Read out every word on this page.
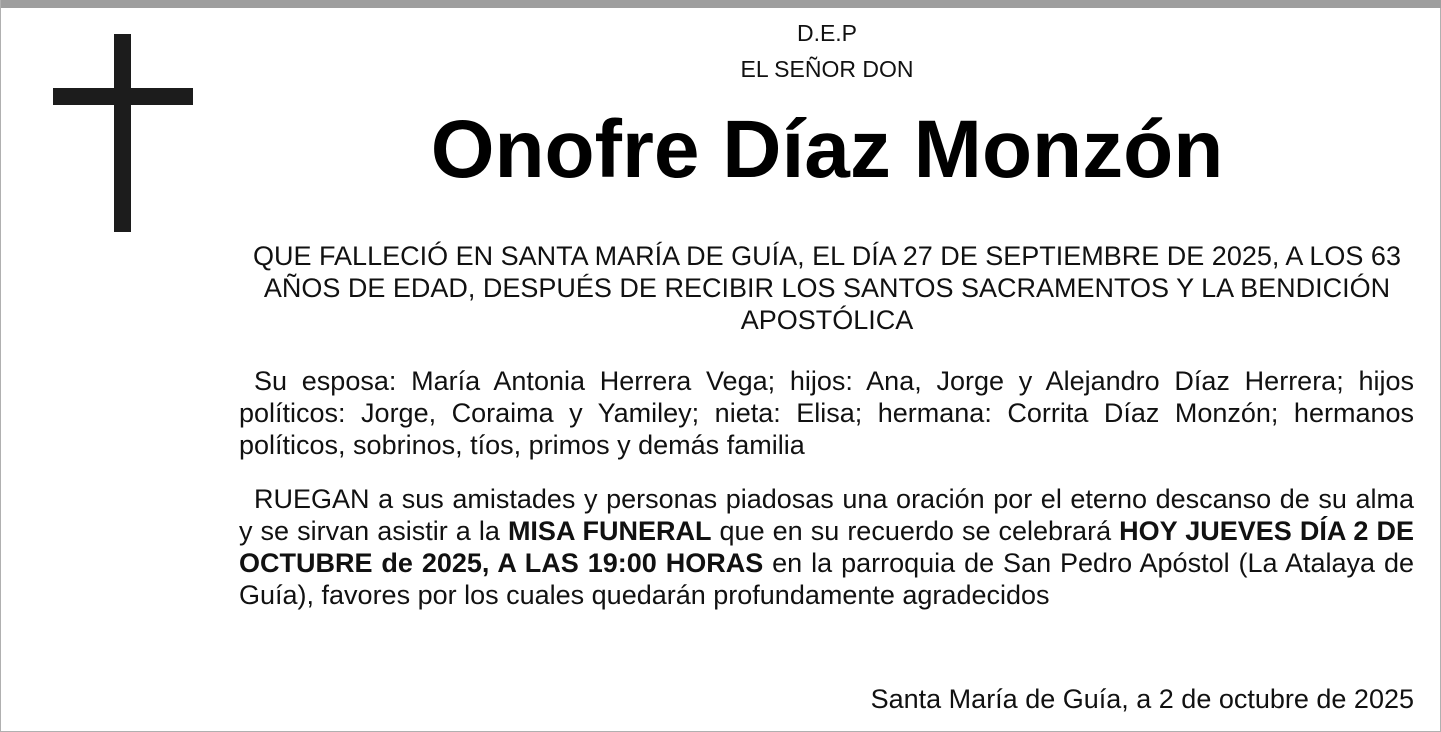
D.E.P
EL SEÑOR DON
Onofre Díaz Monzón
QUE FALLECIÓ EN SANTA MARÍA DE GUÍA, EL DÍA 27 DE SEPTIEMBRE DE 2025, A LOS 63 AÑOS DE EDAD, DESPUÉS DE RECIBIR LOS SANTOS SACRAMENTOS Y LA BENDICIÓN APOSTÓLICA
Su esposa: María Antonia Herrera Vega; hijos: Ana, Jorge y Alejandro Díaz Herrera; hijos políticos: Jorge, Coraima y Yamiley; nieta: Elisa; hermana: Corrita Díaz Monzón; hermanos políticos, sobrinos, tíos, primos y demás familia
RUEGAN a sus amistades y personas piadosas una oración por el eterno descanso de su alma y se sirvan asistir a la MISA FUNERAL que en su recuerdo se celebrará HOY JUEVES DÍA 2 DE OCTUBRE de 2025, A LAS 19:00 HORAS en la parroquia de San Pedro Apóstol (La Atalaya de Guía), favores por los cuales quedarán profundamente agradecidos
Santa María de Guía, a 2 de octubre de 2025
